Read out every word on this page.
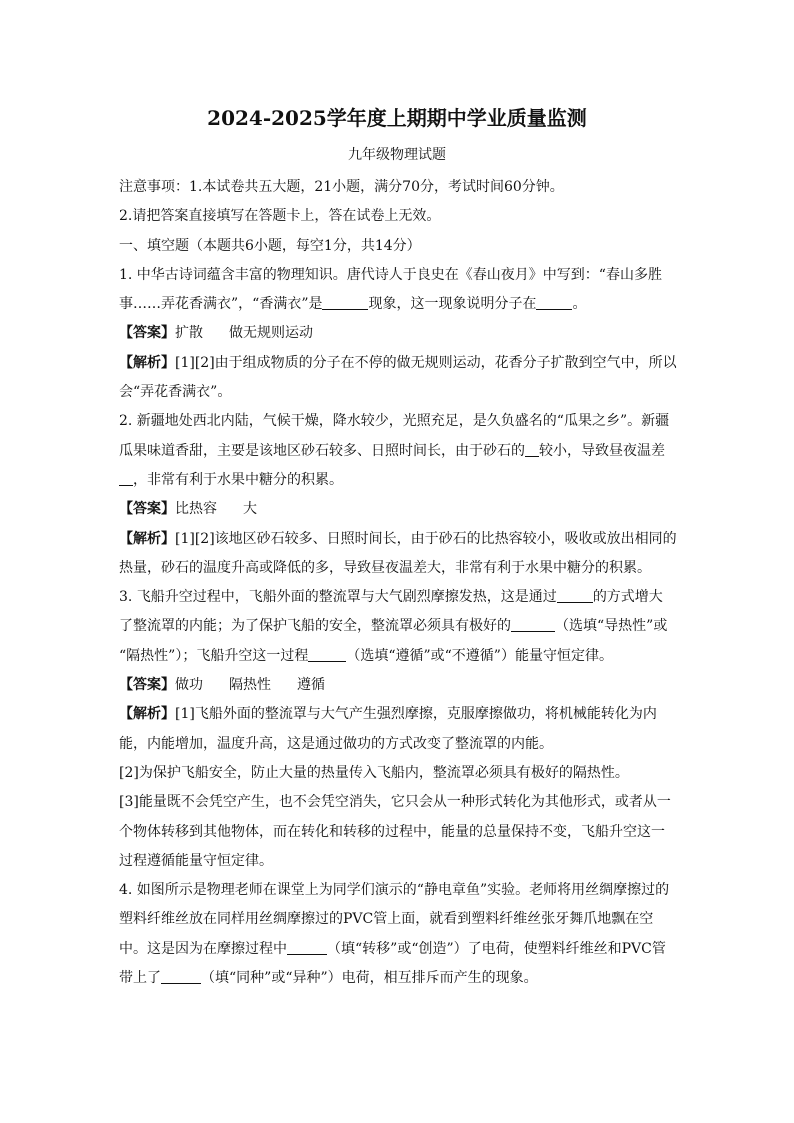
2024-2025学年度上期期中学业质量监测
九年级物理试题
注意事项：1.本试卷共五大题，21小题，满分70分，考试时间60分钟。
2.请把答案直接填写在答题卡上，答在试卷上无效。
一、填空题（本题共6小题，每空1分，共14分）
1. 中华古诗词蕴含丰富的物理知识。唐代诗人于良史在《春山夜月》中写到：“春山多胜
事……弄花香满衣”，“香满衣”是	现象，这一现象说明分子在	。
【答案】扩散 做无规则运动
【解析】[1][2]由于组成物质的分子在不停的做无规则运动，花香分子扩散到空气中，所以
会“弄花香满衣”。
2. 新疆地处西北内陆，气候干燥，降水较少，光照充足，是久负盛名的“瓜果之乡”。新疆
瓜果味道香甜，主要是该地区砂石较多、日照时间长，由于砂石的 较小，导致昼夜温差
，非常有利于水果中糖分的积累。
【答案】比热容 大
【解析】[1][2]该地区砂石较多、日照时间长，由于砂石的比热容较小，吸收或放出相同的
热量，砂石的温度升高或降低的多，导致昼夜温差大，非常有利于水果中糖分的积累。
3. 飞船升空过程中，飞船外面的整流罩与大气剧烈摩擦发热，这是通过	的方式增大
了整流罩的内能；为了保护飞船的安全，整流罩必须具有极好的	（选填“导热性”或
“隔热性”）；飞船升空这一过程	（选填“遵循”或“不遵循”）能量守恒定律。
【答案】做功 隔热性 遵循
【解析】[1]飞船外面的整流罩与大气产生强烈摩擦，克服摩擦做功，将机械能转化为内
能，内能增加，温度升高，这是通过做功的方式改变了整流罩的内能。
[2]为保护飞船安全，防止大量的热量传入飞船内，整流罩必须具有极好的隔热性。
[3]能量既不会凭空产生，也不会凭空消失，它只会从一种形式转化为其他形式，或者从一
个物体转移到其他物体，而在转化和转移的过程中，能量的总量保持不变，飞船升空这一
过程遵循能量守恒定律。
4. 如图所示是物理老师在课堂上为同学们演示的“静电章鱼”实验。老师将用丝绸摩擦过的
塑料纤维丝放在同样用丝绸摩擦过的PVC管上面，就看到塑料纤维丝张牙舞爪地飘在空
中。这是因为在摩擦过程中	（填“转移”或“创造”）了电荷，使塑料纤维丝和PVC管
带上了	（填“同种”或“异种”）电荷，相互排斥而产生的现象。
